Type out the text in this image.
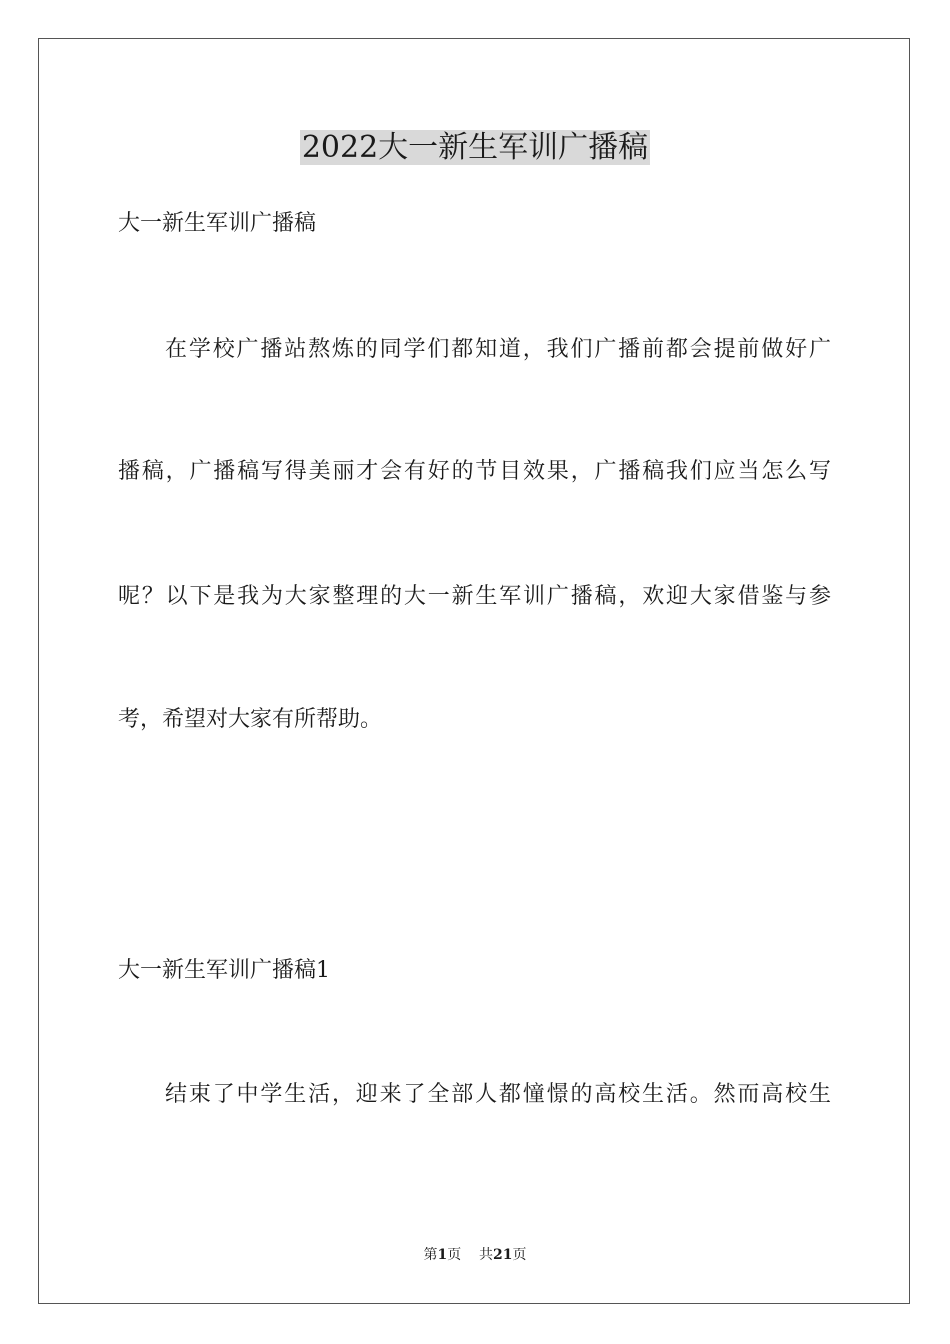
2022大一新生军训广播稿
大一新生军训广播稿
在学校广播站熬炼的同学们都知道，我们广播前都会提前做好广
播稿，广播稿写得美丽才会有好的节目效果，广播稿我们应当怎么写
呢？以下是我为大家整理的大一新生军训广播稿，欢迎大家借鉴与参
考，希望对大家有所帮助。
大一新生军训广播稿1
结束了中学生活，迎来了全部人都憧憬的高校生活。然而高校生
第1页 共21页
